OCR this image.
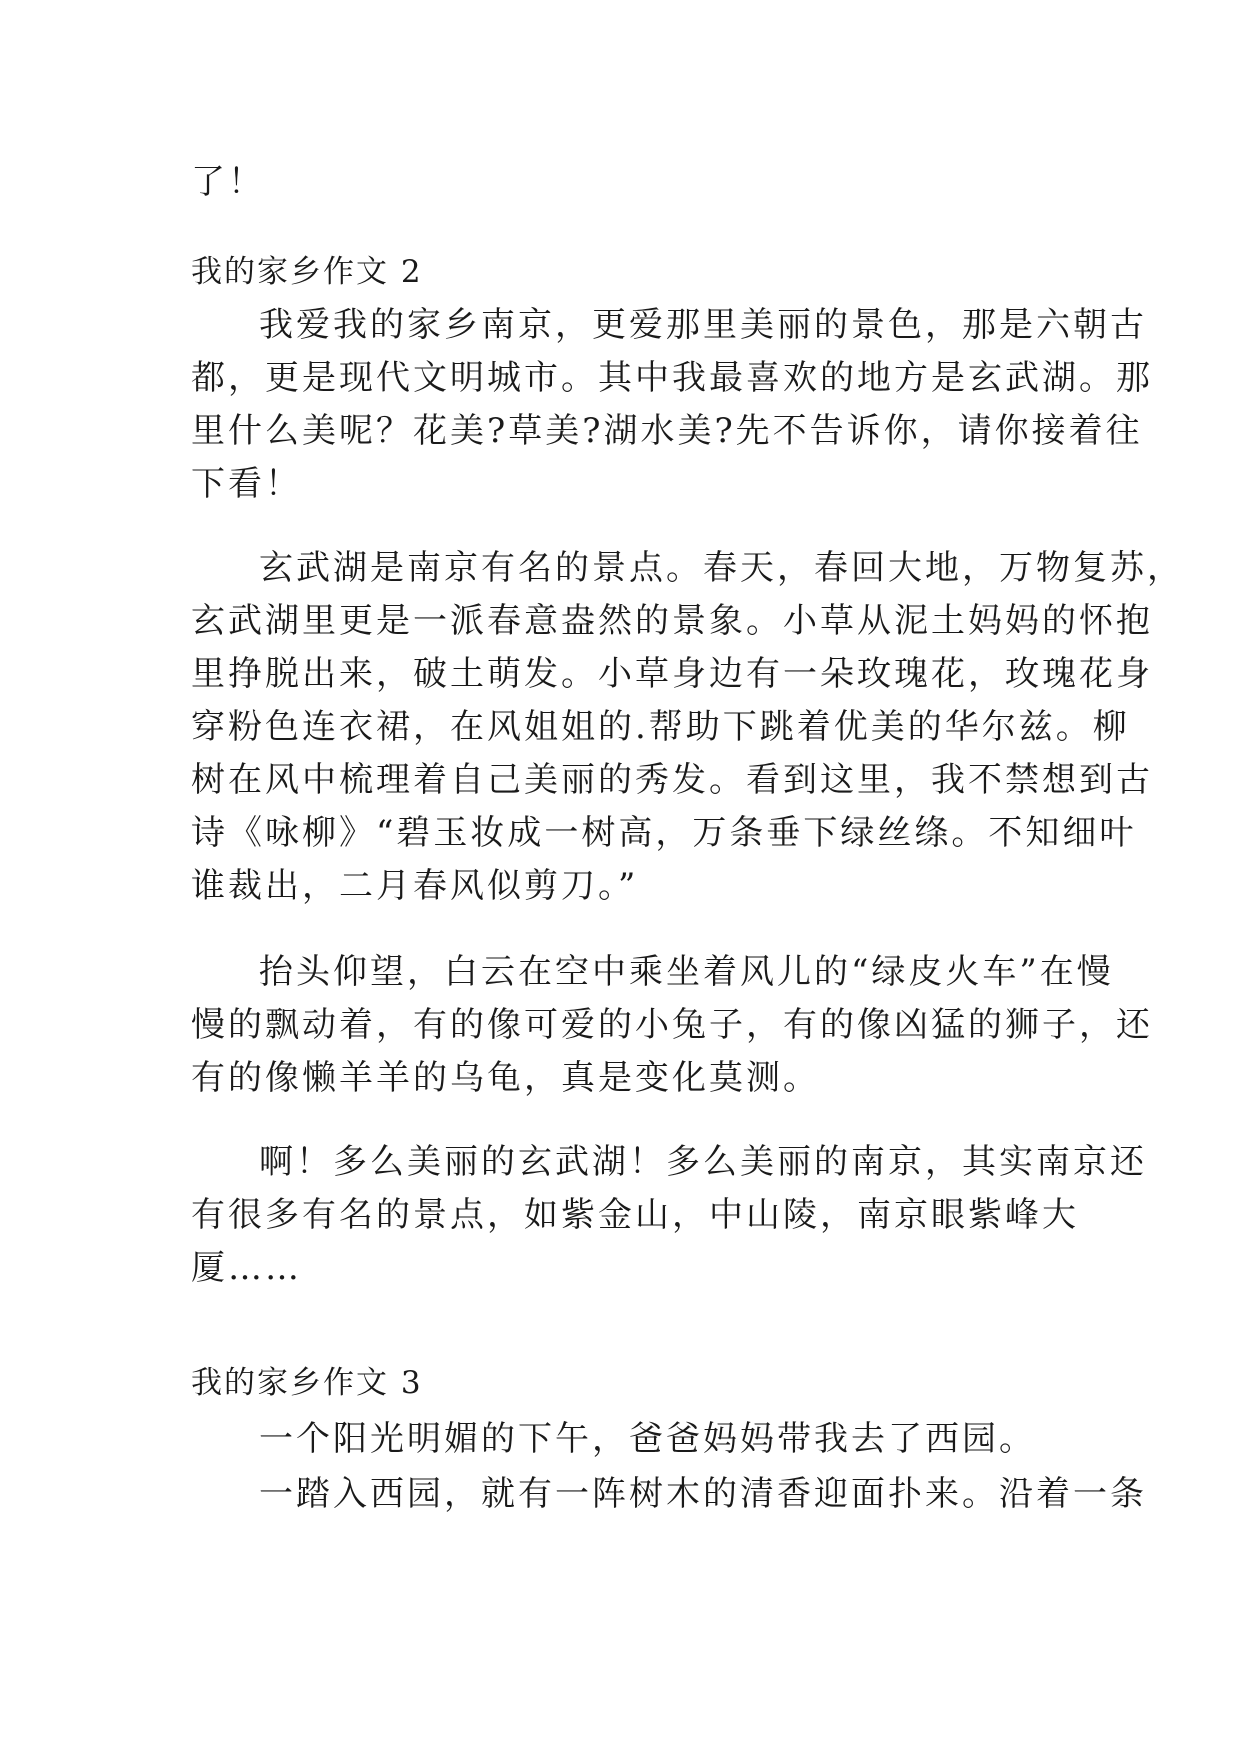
了！
我的家乡作文 2
我爱我的家乡南京，更爱那里美丽的景色，那是六朝古
都，更是现代文明城市。其中我最喜欢的地方是玄武湖。那
里什么美呢？花美?草美?湖水美?先不告诉你，请你接着往
下看！
玄武湖是南京有名的景点。春天，春回大地，万物复苏，
玄武湖里更是一派春意盎然的景象。小草从泥土妈妈的怀抱
里挣脱出来，破土萌发。小草身边有一朵玫瑰花，玫瑰花身
穿粉色连衣裙，在风姐姐的.帮助下跳着优美的华尔兹。柳
树在风中梳理着自己美丽的秀发。看到这里，我不禁想到古
诗《咏柳》“碧玉妆成一树高，万条垂下绿丝绦。不知细叶
谁裁出，二月春风似剪刀。”
抬头仰望，白云在空中乘坐着风儿的“绿皮火车”在慢
慢的飘动着，有的像可爱的小兔子，有的像凶猛的狮子，还
有的像懒羊羊的乌龟，真是变化莫测。
啊！多么美丽的玄武湖！多么美丽的南京，其实南京还
有很多有名的景点，如紫金山，中山陵，南京眼紫峰大
厦……
我的家乡作文 3
一个阳光明媚的下午，爸爸妈妈带我去了西园。
一踏入西园，就有一阵树木的清香迎面扑来。沿着一条
